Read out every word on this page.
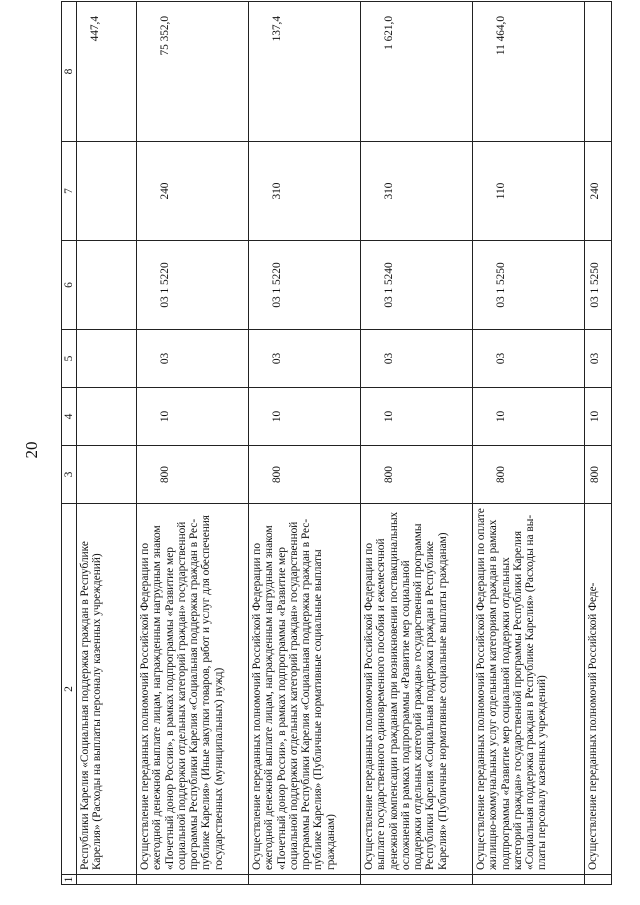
20
1	2	3	4	5	6	7	8
	Республики Карелия «Социальная поддержка граждан в Республике Карелия» (Расходы на выплаты персоналу казенных учреждений)						447,4
	Осуществление переданных полномочий Российской Федерации по ежегодной денежной выплате лицам, награжденным нагрудным знаком «Почетный донор России», в рамках подпрограммы «Развитие мер социальной поддержки отдельных категорий граждан» государственной программы Республики Карелия «Социальная поддержка граждан в Республике Карелия» (Иные закупки товаров, работ и услуг для обеспечения государственных (муниципальных) нужд)	800	10	03	03 1 5220	240	75 352,0
	Осуществление переданных полномочий Российской Федерации по ежегодной денежной выплате лицам, награжденным нагрудным знаком «Почетный донор России», в рамках подпрограммы «Развитие мер социальной поддержки отдельных категорий граждан» государственной программы Республики Карелия «Социальная поддержка граждан в Республике Карелия» (Публичные нормативные социальные выплаты гражданам)	800	10	03	03 1 5220	310	137,4
	Осуществление переданных полномочий Российской Федерации по выплате государственного единовременного пособия и ежемесячной денежной компенсации гражданам при возникновении поствакцинальных осложнений в рамках подпрограммы «Развитие мер социальной поддержки отдельных категорий граждан» государственной программы Республики Карелия «Социальная поддержка граждан в Республике Карелия» (Публичные нормативные социальные выплаты гражданам)	800	10	03	03 1 5240	310	1 621,0
	Осуществление переданных полномочий Российской Федерации по оплате жилищно-коммунальных услуг отдельным категориям граждан в рамках подпрограммы «Развитие мер социальной поддержки отдельных категорий граждан» государственной программы Республики Карелия «Социальная поддержка граждан в Республике Карелия» (Расходы на выплаты персоналу казенных учреждений)	800	10	03	03 1 5250	110	11 464,0
	Осуществление переданных полномочий Российской Феде-	800	10	03	03 1 5250	240	
